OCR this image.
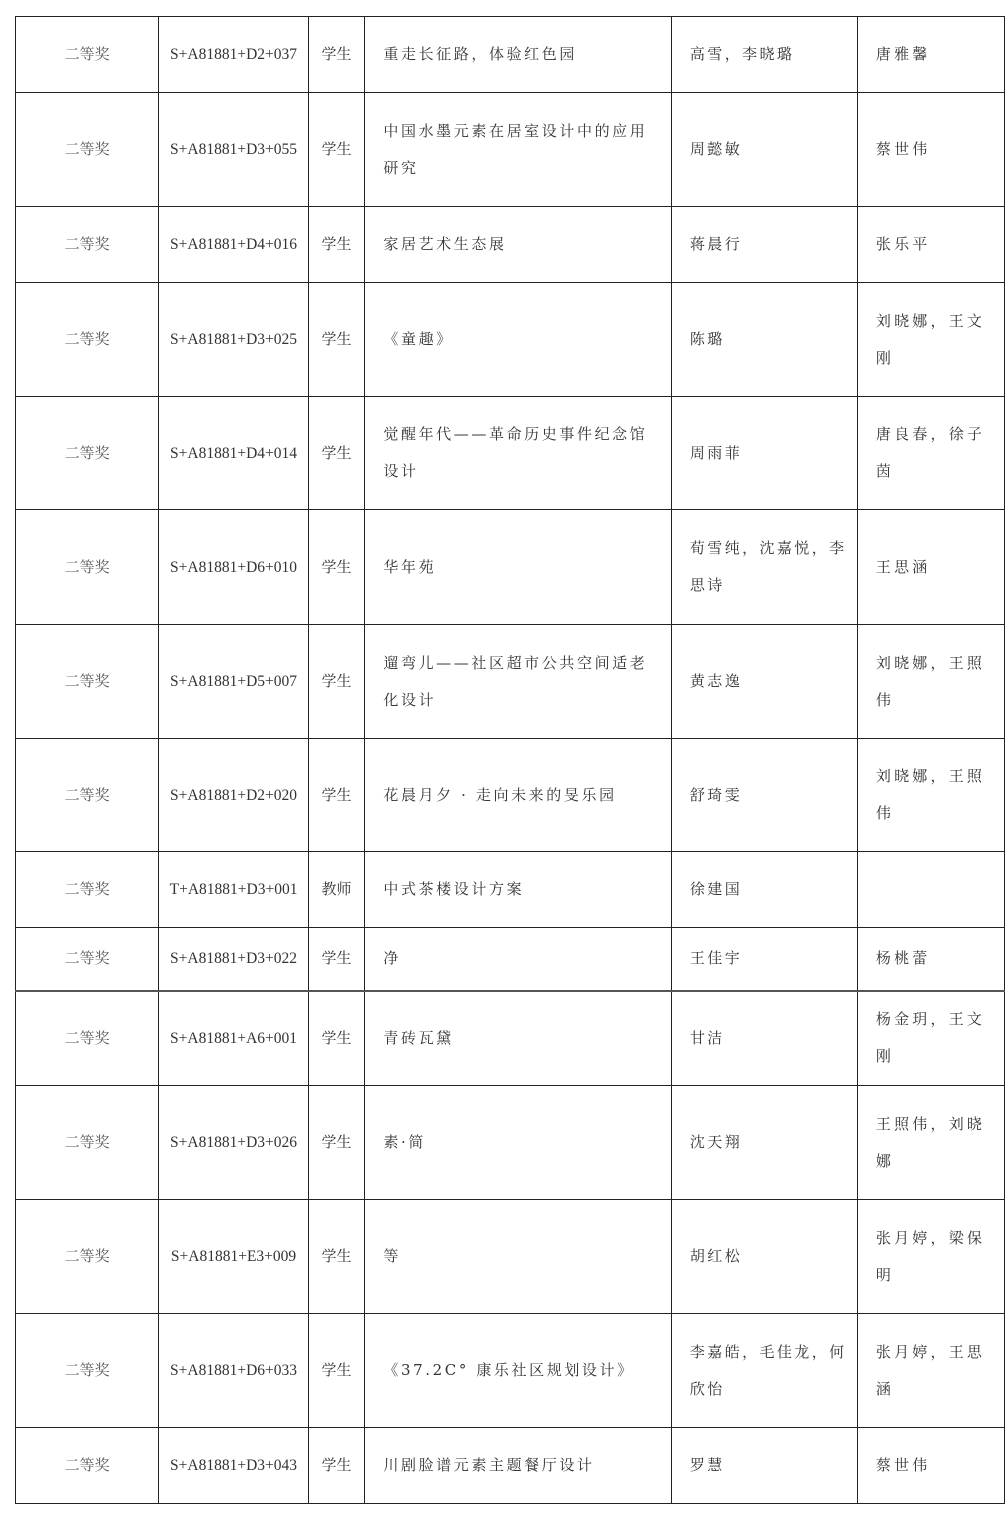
二等奖	S+A81881+D2+037	学生	重走长征路，体验红色园	高雪，李晓璐	唐雅馨
二等奖	S+A81881+D3+055	学生	中国水墨元素在居室设计中的应用研究	周懿敏	蔡世伟
二等奖	S+A81881+D4+016	学生	家居艺术生态展	蒋晨行	张乐平
二等奖	S+A81881+D3+025	学生	《童趣》	陈璐	刘晓娜，王文刚
二等奖	S+A81881+D4+014	学生	觉醒年代——革命历史事件纪念馆设计	周雨菲	唐良春，徐子茵
二等奖	S+A81881+D6+010	学生	华年苑	荀雪纯，沈嘉悦，李思诗	王思涵
二等奖	S+A81881+D5+007	学生	遛弯儿——社区超市公共空间适老化设计	黄志逸	刘晓娜，王照伟
二等奖	S+A81881+D2+020	学生	花晨月夕 · 走向未来的旻乐园	舒琦雯	刘晓娜，王照伟
二等奖	T+A81881+D3+001	教师	中式茶楼设计方案	徐建国	
二等奖	S+A81881+D3+022	学生	净	王佳宇	杨桃蕾
二等奖	S+A81881+A6+001	学生	青砖瓦黛	甘洁	杨金玥，王文刚
二等奖	S+A81881+D3+026	学生	素·简	沈天翔	王照伟，刘晓娜
二等奖	S+A81881+E3+009	学生	等	胡红松	张月婷，梁保明
二等奖	S+A81881+D6+033	学生	《37.2C° 康乐社区规划设计》	李嘉皓，毛佳龙，何欣怡	张月婷，王思涵
二等奖	S+A81881+D3+043	学生	川剧脸谱元素主题餐厅设计	罗慧	蔡世伟
